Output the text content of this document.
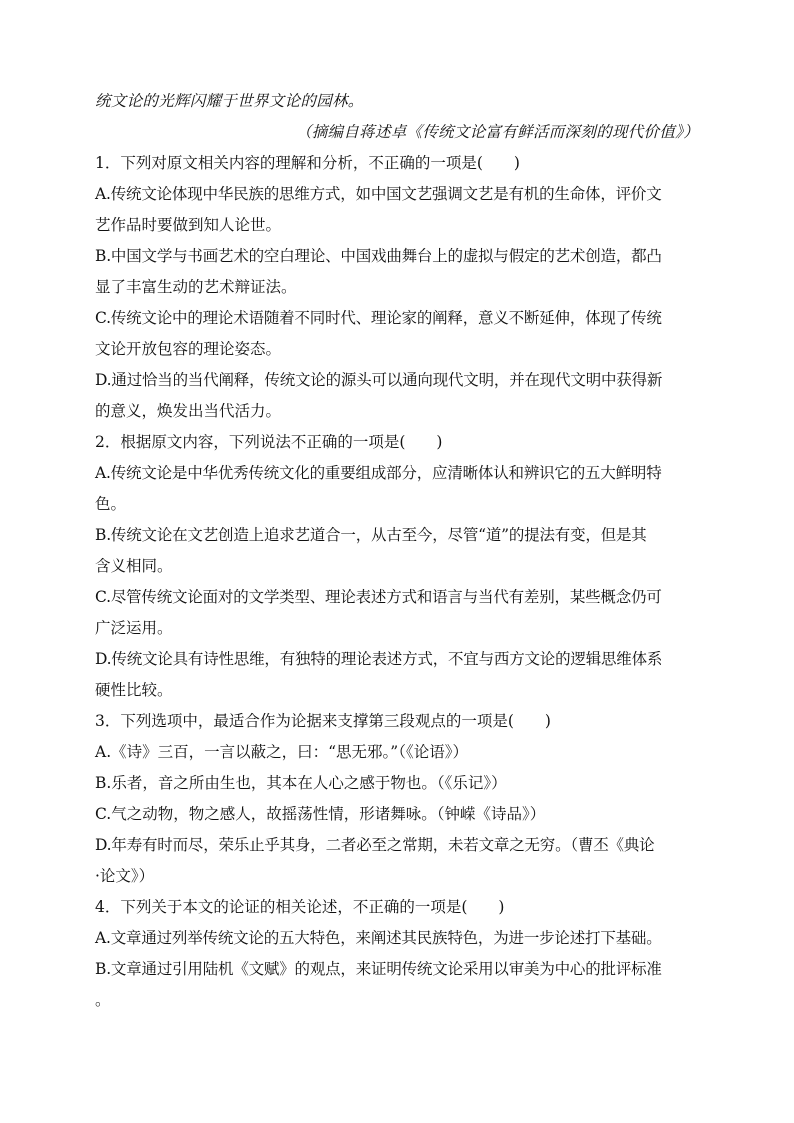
统文论的光辉闪耀于世界文论的园林。
（摘编自蒋述卓《传统文论富有鲜活而深刻的现代价值》）
1．下列对原文相关内容的理解和分析，不正确的一项是(　　)
A.传统文论体现中华民族的思维方式，如中国文艺强调文艺是有机的生命体，评价文
艺作品时要做到知人论世。
B.中国文学与书画艺术的空白理论、中国戏曲舞台上的虚拟与假定的艺术创造，都凸
显了丰富生动的艺术辩证法。
C.传统文论中的理论术语随着不同时代、理论家的阐释，意义不断延伸，体现了传统
文论开放包容的理论姿态。
D.通过恰当的当代阐释，传统文论的源头可以通向现代文明，并在现代文明中获得新
的意义，焕发出当代活力。
2．根据原文内容，下列说法不正确的一项是(　　)
A.传统文论是中华优秀传统文化的重要组成部分，应清晰体认和辨识它的五大鲜明特
色。
B.传统文论在文艺创造上追求艺道合一，从古至今，尽管“道”的提法有变，但是其
含义相同。
C.尽管传统文论面对的文学类型、理论表述方式和语言与当代有差别，某些概念仍可
广泛运用。
D.传统文论具有诗性思维，有独特的理论表述方式，不宜与西方文论的逻辑思维体系
硬性比较。
3．下列选项中，最适合作为论据来支撑第三段观点的一项是(　　)
A.《诗》三百，一言以蔽之，曰：“思无邪。”（《论语》）
B.乐者，音之所由生也，其本在人心之感于物也。（《乐记》）
C.气之动物，物之感人，故摇荡性情，形诸舞咏。（钟嵘《诗品》）
D.年寿有时而尽，荣乐止乎其身，二者必至之常期，未若文章之无穷。（曹丕《典论
·论文》）
4．下列关于本文的论证的相关论述，不正确的一项是(　　)
A.文章通过列举传统文论的五大特色，来阐述其民族特色，为进一步论述打下基础。
B.文章通过引用陆机《文赋》的观点，来证明传统文论采用以审美为中心的批评标准
。
